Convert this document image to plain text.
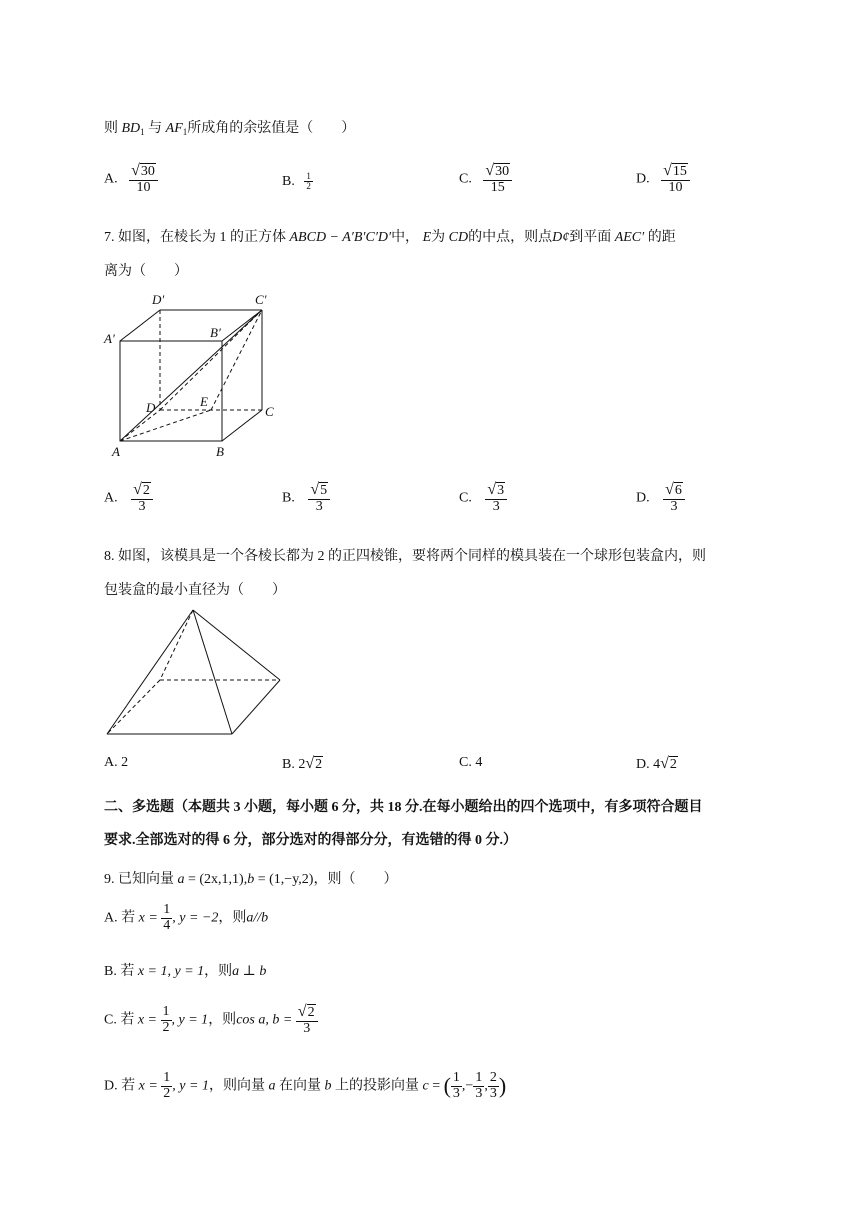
则 $BD_1$ 与 $AF_1$所成角的余弦值是（　　）
A. $\frac{√30}{10}$	B. $\frac{1}{2}$	C. $\frac{√30}{15}$	D. $\frac{√15}{10}$
7. 如图，在棱长为 1 的正方体 ABCD − A′B′C′D′中， E为 CD的中点，则点D¢到平面 AEC′ 的距
离为（　　）
D′	C′
A′	B′
D	E
C
A	B
A. $\frac{√2}{3}$	B. $\frac{√5}{3}$	C. $\frac{√3}{3}$	D. $\frac{√6}{3}$
8. 如图，该模具是一个各棱长都为 2 的正四棱锥，要将两个同样的模具装在一个球形包装盒内，则
包装盒的最小直径为（　　）
A. 2	B. 2√2	C. 4	D. 4√2
二、多选题（本题共 3 小题，每小题 6 分，共 18 分.在每小题给出的四个选项中，有多项符合题目
要求.全部选对的得 6 分，部分选对的得部分分，有选错的得 0 分.）
9. 已知向量 a = (2x,1,1),b = (1,−y,2)，则（　　）
A. 若 $x = \frac{1}{4}$ , y = −2，则a//b
B. 若 x = 1, y = 1，则a ⊥ b
C. 若 $x = \frac{1}{2}$ , y = 1，则cos a, $b = \frac{√2}{3}$
D. 若 $x = \frac{1}{2}$ , y = 1，则向量 a 在向量 b 上的投影向量 c = ( $\frac{1}{3}$ ,− $\frac{1}{3}$ , $\frac{2}{3}$ )
